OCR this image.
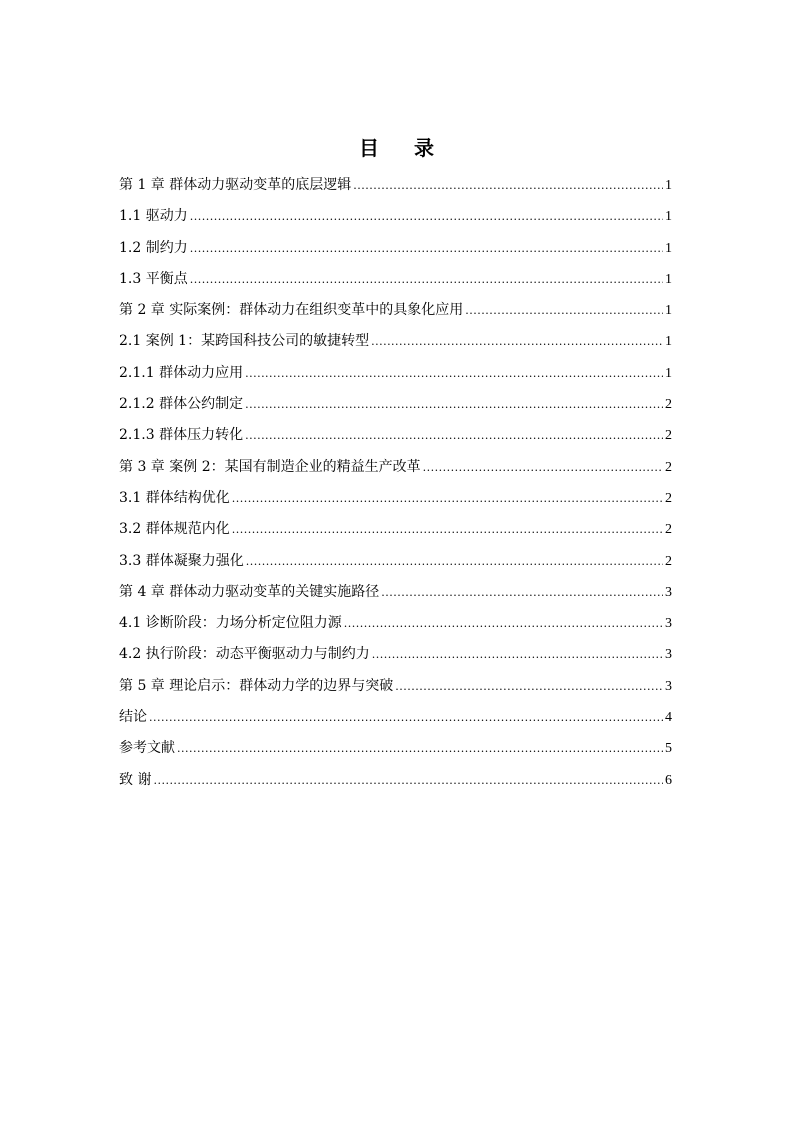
目 录
第 1 章 群体动力驱动变革的底层逻辑 .....	1
1.1 驱动力 .....	1
1.2 制约力 .....	1
1.3 平衡点 .....	1
第 2 章 实际案例：群体动力在组织变革中的具象化应用 .....	1
2.1 案例 1：某跨国科技公司的敏捷转型 .....	1
2.1.1 群体动力应用 .....	1
2.1.2 群体公约制定 .....	2
2.1.3 群体压力转化 .....	2
第 3 章 案例 2：某国有制造企业的精益生产改革 .....	2
3.1 群体结构优化 .....	2
3.2 群体规范内化 .....	2
3.3 群体凝聚力强化 .....	2
第 4 章 群体动力驱动变革的关键实施路径 .....	3
4.1 诊断阶段：力场分析定位阻力源 .....	3
4.2 执行阶段：动态平衡驱动力与制约力 .....	3
第 5 章 理论启示：群体动力学的边界与突破 .....	3
结论 .....	4
参考文献 .....	5
致 谢 .....	6
